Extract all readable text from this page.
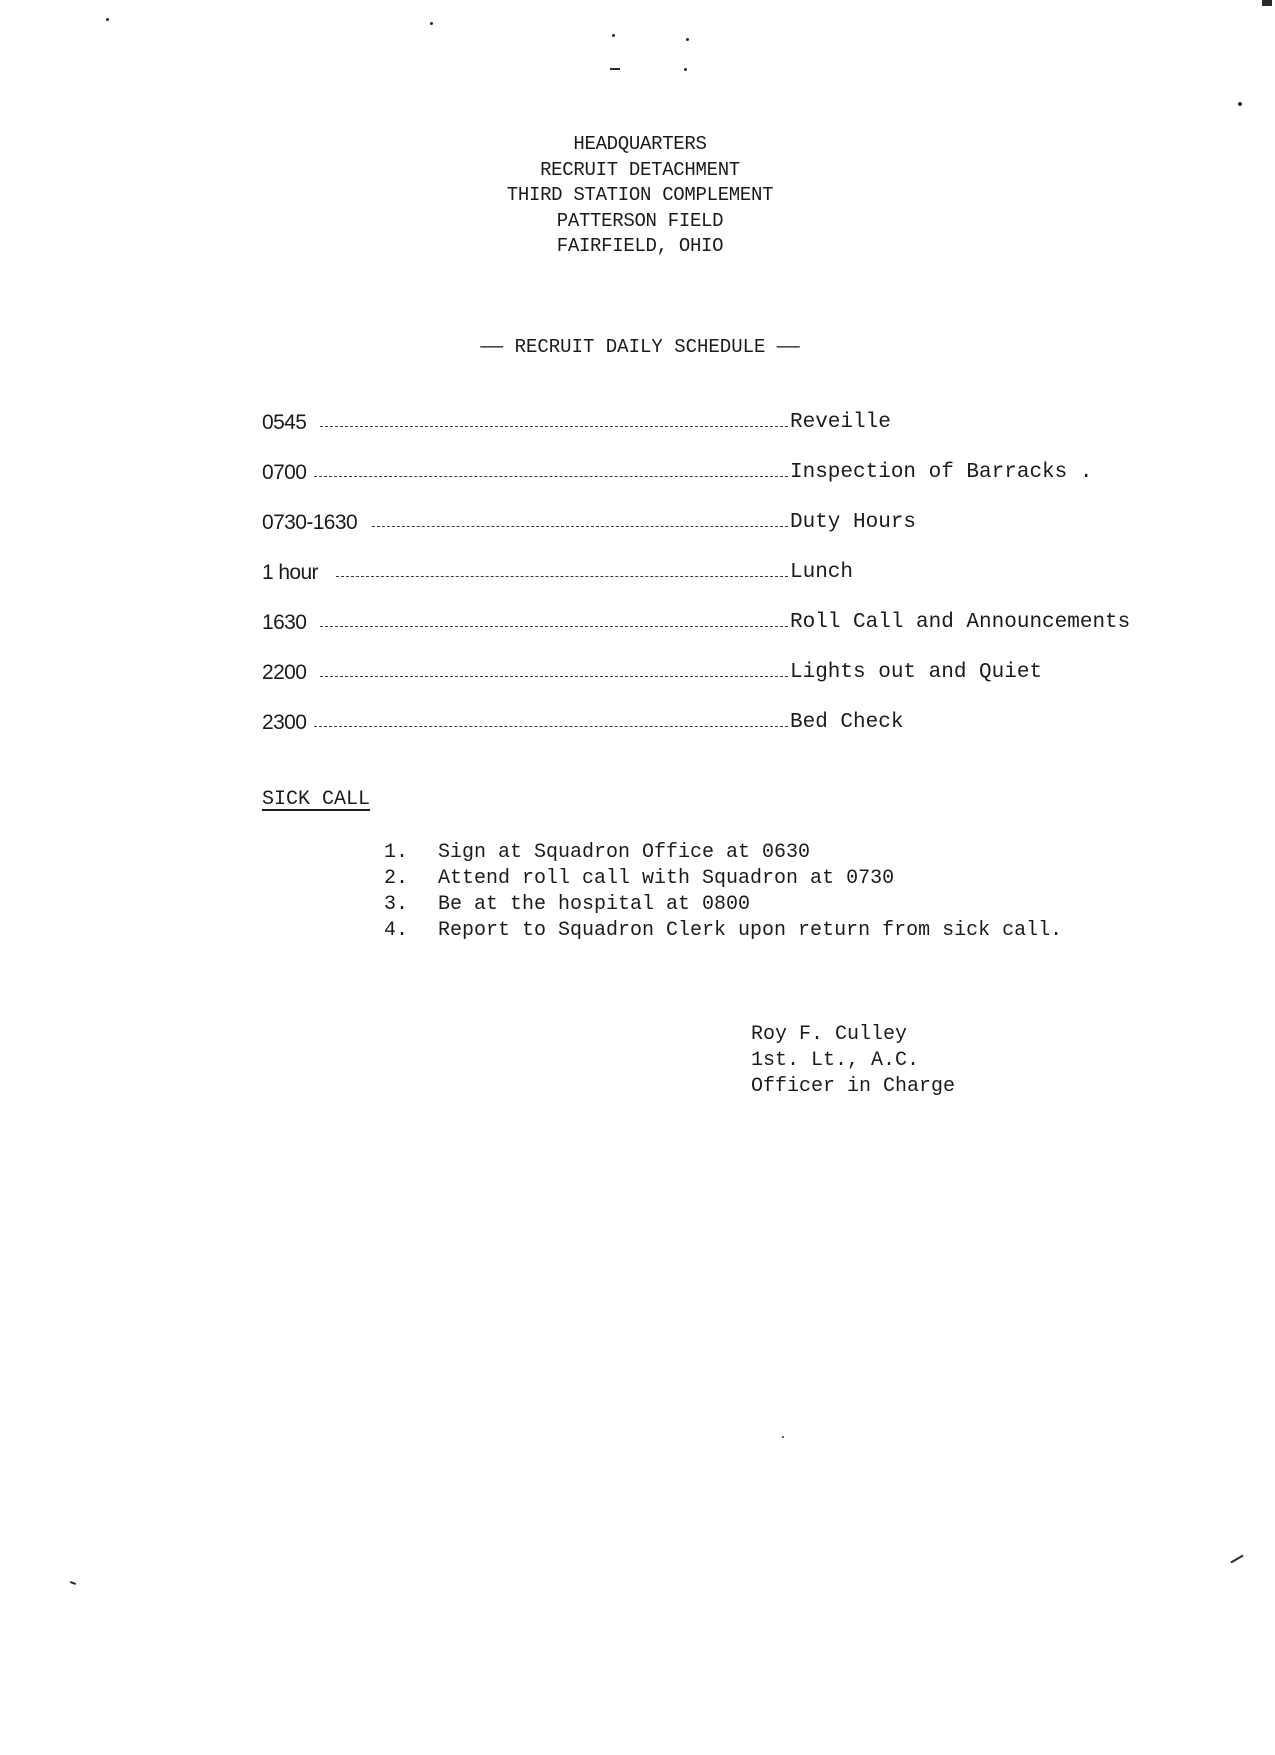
HEADQUARTERS
RECRUIT DETACHMENT
THIRD STATION COMPLEMENT
PATTERSON FIELD
FAIRFIELD, OHIO
—— RECRUIT DAILY SCHEDULE ——
0545	Reveille
0700	Inspection of Barracks .
0730-1630	Duty Hours
1 hour	Lunch
1630	Roll Call and Announcements
2200	Lights out and Quiet
2300	Bed Check
SICK CALL
1. Sign at Squadron Office at 0630
2. Attend roll call with Squadron at 0730
3. Be at the hospital at 0800
4. Report to Squadron Clerk upon return from sick call.
Roy F. Culley
1st. Lt., A.C.
Officer in Charge
